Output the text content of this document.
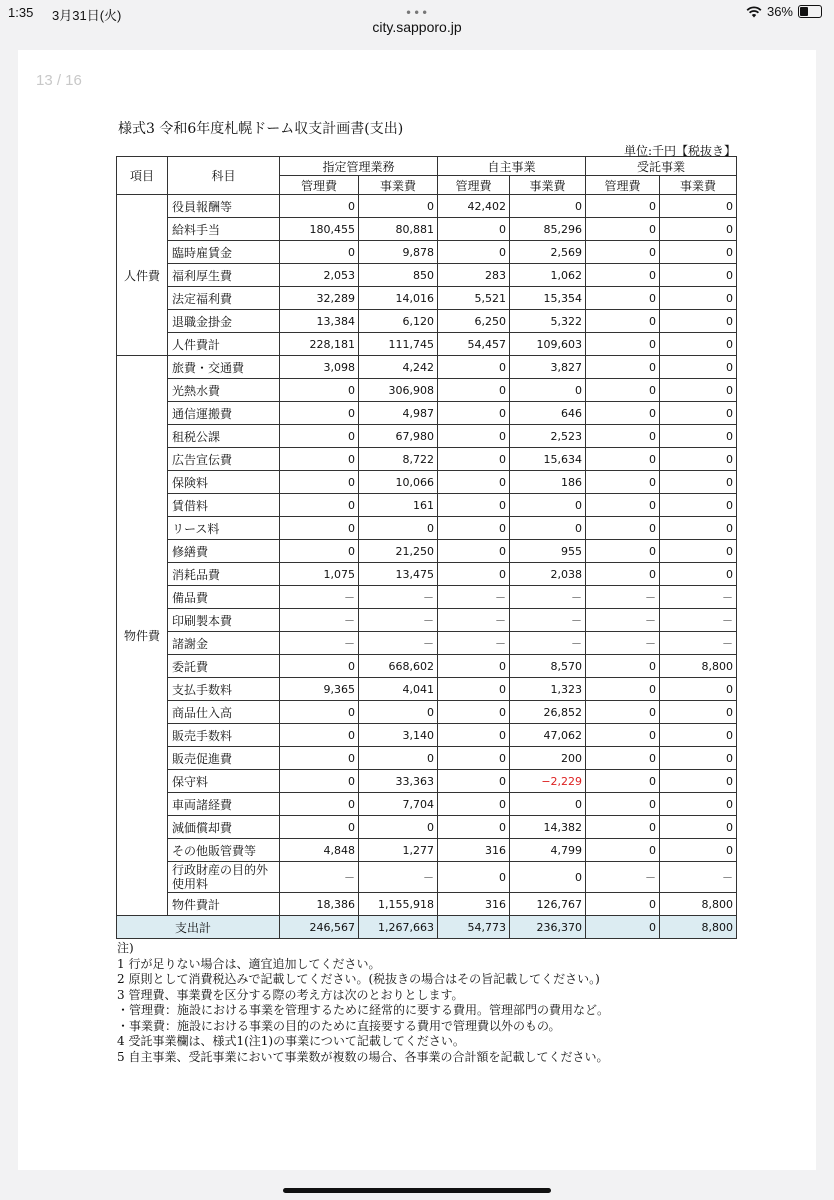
1:35 3月31日(火)	36%
•••
city.sapporo.jp
13 / 16
様式3 令和6年度札幌ドーム収支計画書(支出)
単位:千円【税抜き】
項目	科目	指定管理業務		自主事業		受託事業	
		管理費	事業費	管理費	事業費	管理費	事業費
人件費	役員報酬等	0	0	42,402	0	0	0
	給料手当	180,455	80,881	0	85,296	0	0
	臨時雇賃金	0	9,878	0	2,569	0	0
	福利厚生費	2,053	850	283	1,062	0	0
	法定福利費	32,289	14,016	5,521	15,354	0	0
	退職金掛金	13,384	6,120	6,250	5,322	0	0
	人件費計	228,181	111,745	54,457	109,603	0	0
物件費	旅費・交通費	3,098	4,242	0	3,827	0	0
	光熱水費	0	306,908	0	0	0	0
	通信運搬費	0	4,987	0	646	0	0
	租税公課	0	67,980	0	2,523	0	0
	広告宣伝費	0	8,722	0	15,634	0	0
	保険料	0	10,066	0	186	0	0
	賃借料	0	161	0	0	0	0
	リース料	0	0	0	0	0	0
	修繕費	0	21,250	0	955	0	0
	消耗品費	1,075	13,475	0	2,038	0	0
	備品費	－	－	－	－	－	－
	印刷製本費	－	－	－	－	－	－
	諸謝金	－	－	－	－	－	－
	委託費	0	668,602	0	8,570	0	8,800
	支払手数料	9,365	4,041	0	1,323	0	0
	商品仕入高	0	0	0	26,852	0	0
	販売手数料	0	3,140	0	47,062	0	0
	販売促進費	0	0	0	200	0	0
	保守料	0	33,363	0	−2,229	0	0
	車両諸経費	0	7,704	0	0	0	0
	減価償却費	0	0	0	14,382	0	0
	その他販管費等	4,848	1,277	316	4,799	0	0
	行政財産の目的外使用料	－	－	0	0	－	－
	物件費計	18,386	1,155,918	316	126,767	0	8,800
支出計		246,567	1,267,663	54,773	236,370	0	8,800
注)
1 行が足りない場合は、適宜追加してください。
2 原則として消費税込みで記載してください。(税抜きの場合はその旨記載してください。)
3 管理費、事業費を区分する際の考え方は次のとおりとします。
・管理費：施設における事業を管理するために経常的に要する費用。管理部門の費用など。
・事業費：施設における事業の目的のために直接要する費用で管理費以外のもの。
4 受託事業欄は、様式1(注1)の事業について記載してください。
5 自主事業、受託事業において事業数が複数の場合、各事業の合計額を記載してください。
